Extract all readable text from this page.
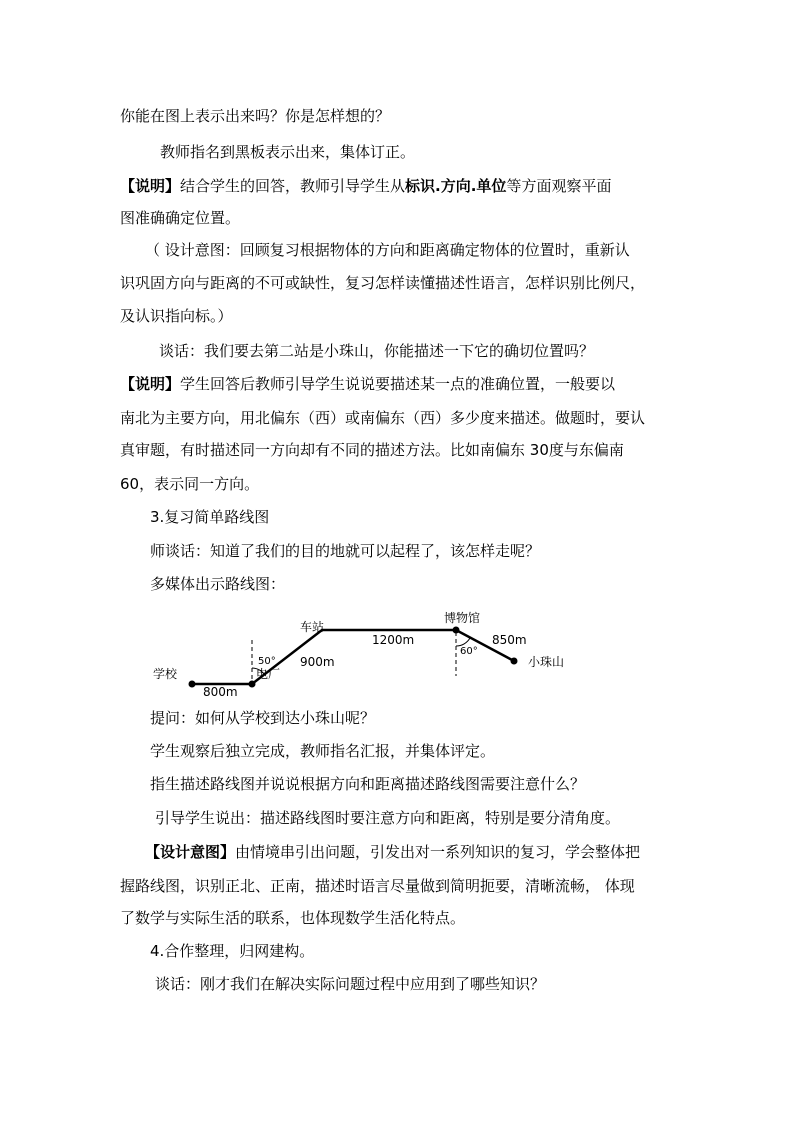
你能在图上表示出来吗？你是怎样想的？
教师指名到黑板表示出来，集体订正。
【说明】结合学生的回答，教师引导学生从标识.方向.单位等方面观察平面
图准确确定位置。
（ 设计意图：回顾复习根据物体的方向和距离确定物体的位置时，重新认
识巩固方向与距离的不可或缺性，复习怎样读懂描述性语言，怎样识别比例尺，
及认识指向标。）
谈话：我们要去第二站是小珠山，你能描述一下它的确切位置吗？
【说明】学生回答后教师引导学生说说要描述某一点的准确位置，一般要以
南北为主要方向，用北偏东（西）或南偏东（西）多少度来描述。做题时，要认
真审题，有时描述同一方向却有不同的描述方法。比如南偏东 30度与东偏南
60，表示同一方向。
3.复习简单路线图
师谈话：知道了我们的目的地就可以起程了，该怎样走呢？
多媒体出示路线图：
学校	电厂
车站
博物馆
小珠山
800m
900m
1200m	850m
50°
60°
提问：如何从学校到达小珠山呢？
学生观察后独立完成，教师指名汇报，并集体评定。
指生描述路线图并说说根据方向和距离描述路线图需要注意什么？
引导学生说出：描述路线图时要注意方向和距离，特别是要分清角度。
【设计意图】由情境串引出问题，引发出对一系列知识的复习，学会整体把
握路线图，识别正北、正南，描述时语言尽量做到简明扼要，清晰流畅， 体现
了数学与实际生活的联系，也体现数学生活化特点。
4.合作整理，归网建构。
谈话：刚才我们在解决实际问题过程中应用到了哪些知识？
